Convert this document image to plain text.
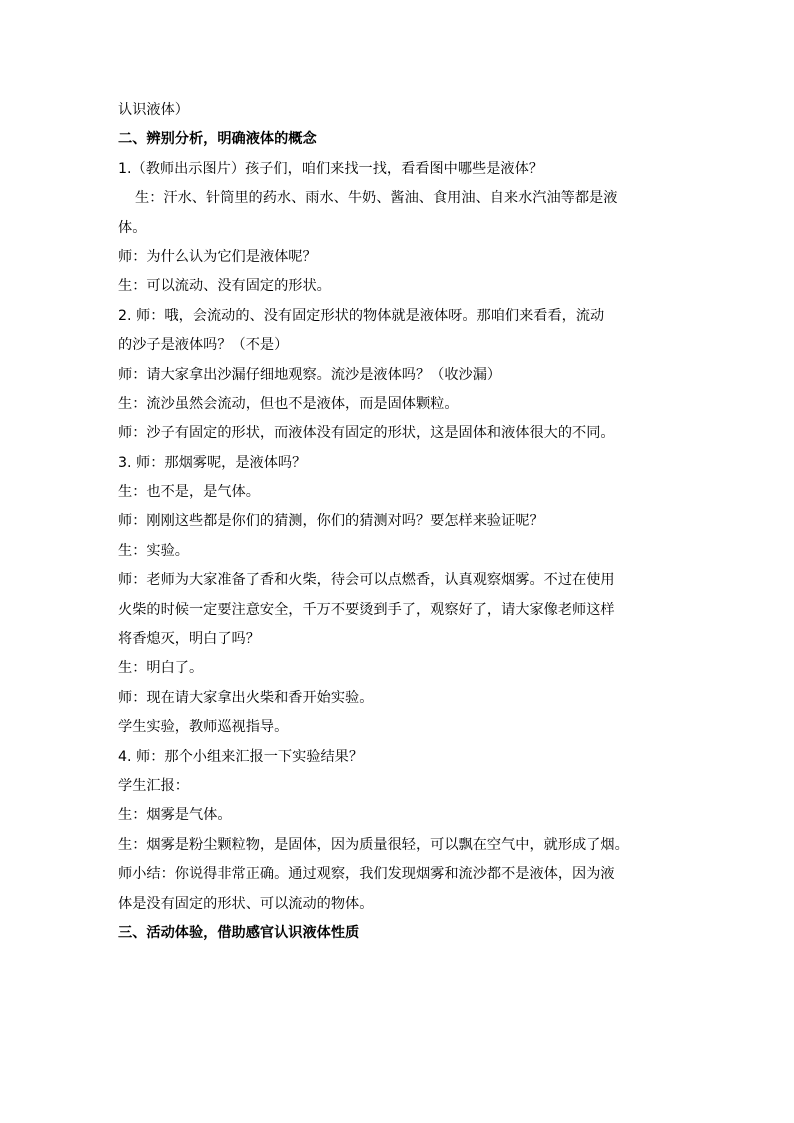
认识液体）
二、辨别分析，明确液体的概念
1.（教师出示图片）孩子们，咱们来找一找，看看图中哪些是液体？
生：汗水、针筒里的药水、雨水、牛奶、酱油、食用油、自来水汽油等都是液
体。
师：为什么认为它们是液体呢？
生：可以流动、没有固定的形状。
2. 师：哦，会流动的、没有固定形状的物体就是液体呀。那咱们来看看，流动
的沙子是液体吗？（不是）
师：请大家拿出沙漏仔细地观察。流沙是液体吗？（收沙漏）
生：流沙虽然会流动，但也不是液体，而是固体颗粒。
师：沙子有固定的形状，而液体没有固定的形状，这是固体和液体很大的不同。
3. 师：那烟雾呢，是液体吗？
生：也不是，是气体。
师：刚刚这些都是你们的猜测，你们的猜测对吗？要怎样来验证呢？
生：实验。
师：老师为大家准备了香和火柴，待会可以点燃香，认真观察烟雾。不过在使用
火柴的时候一定要注意安全，千万不要烫到手了，观察好了，请大家像老师这样
将香熄灭，明白了吗？
生：明白了。
师：现在请大家拿出火柴和香开始实验。
学生实验，教师巡视指导。
4. 师：那个小组来汇报一下实验结果？
学生汇报：
生：烟雾是气体。
生：烟雾是粉尘颗粒物，是固体，因为质量很轻，可以飘在空气中，就形成了烟。
师小结：你说得非常正确。通过观察，我们发现烟雾和流沙都不是液体，因为液
体是没有固定的形状、可以流动的物体。
三、活动体验，借助感官认识液体性质
